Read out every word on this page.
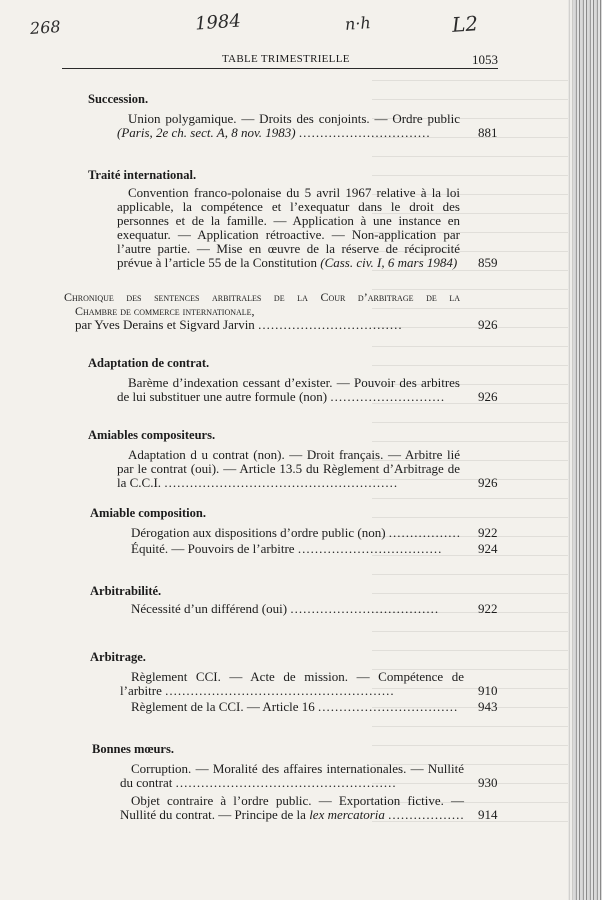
268	1984	n·h	L2
TABLE TRIMESTRIELLE	1053
Succession.
Union polygamique. — Droits des conjoints. — Ordre public
(Paris, 2e ch. sect. A, 8 nov. 1983) ...............................	881
Traité international.
Convention franco-polonaise du 5 avril 1967 relative à la loi
applicable, la compétence et l’exequatur dans le droit des
personnes et de la famille. — Application à une instance en
exequatur. — Application rétroactive. — Non-application par
l’autre partie. — Mise en œuvre de la réserve de réciprocité
prévue à l’article 55 de la Constitution (Cass. civ. I, 6 mars 1984) 859
Chronique des sentences arbitrales de la Cour d’arbitrage de la
Chambre de commerce internationale,
par Yves Derains et Sigvard Jarvin ..................................	926
Adaptation de contrat.
Barème d’indexation cessant d’exister. — Pouvoir des arbitres
de lui substituer une autre formule (non) ...........................	926
Amiables compositeurs.
Adaptation d u contrat (non). — Droit français. — Arbitre lié
par le contrat (oui). — Article 13.5 du Règlement d’Arbitrage de
la C.C.I. .......................................................	926
Amiable composition.
Dérogation aux dispositions d’ordre public (non) ................. 922
Équité. — Pouvoirs de l’arbitre ..................................	924
Arbitrabilité.
Nécessité d’un différend (oui) ...................................	922
Arbitrage.
Règlement CCI. — Acte de mission. — Compétence de
l’arbitre ......................................................	910
Règlement de la CCI. — Article 16 ................................. 943
Bonnes mœurs.
Corruption. — Moralité des affaires internationales. — Nullité
du contrat ....................................................	930
Objet contraire à l’ordre public. — Exportation fictive. —
Nullité du contrat. — Principe de la lex mercatoria .................. 914
